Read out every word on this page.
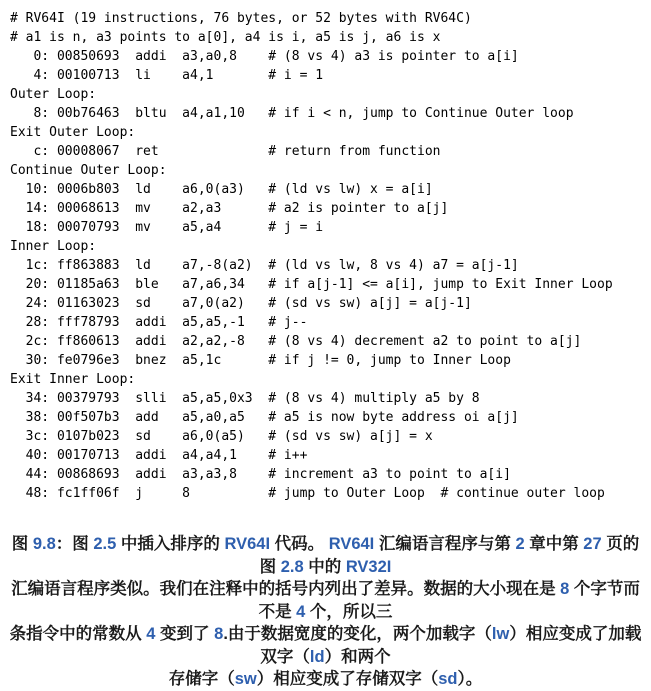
# RV64I (19 instructions, 76 bytes, or 52 bytes with RV64C)
# a1 is n, a3 points to a[0], a4 is i, a5 is j, a6 is x
0: 00850693  addi  a3,a0,8    # (8 vs 4) a3 is pointer to a[i]
4: 00100713  li    a4,1       # i = 1
Outer Loop:
8: 00b76463  bltu  a4,a1,10   # if i < n, jump to Continue Outer loop
Exit Outer Loop:
c: 00008067  ret              # return from function
Continue Outer Loop:
10: 0006b803  ld    a6,0(a3)   # (ld vs lw) x = a[i]
14: 00068613  mv    a2,a3      # a2 is pointer to a[j]
18: 00070793  mv    a5,a4      # j = i
Inner Loop:
1c: ff863883  ld    a7,-8(a2)  # (ld vs lw, 8 vs 4) a7 = a[j-1]
20: 01185a63  ble   a7,a6,34   # if a[j-1] <= a[i], jump to Exit Inner Loop
24: 01163023  sd    a7,0(a2)   # (sd vs sw) a[j] = a[j-1]
28: fff78793  addi  a5,a5,-1   # j--
2c: ff860613  addi  a2,a2,-8   # (8 vs 4) decrement a2 to point to a[j]
30: fe0796e3  bnez  a5,1c      # if j != 0, jump to Inner Loop
Exit Inner Loop:
34: 00379793  slli  a5,a5,0x3  # (8 vs 4) multiply a5 by 8
38: 00f507b3  add   a5,a0,a5   # a5 is now byte address oi a[j]
3c: 0107b023  sd    a6,0(a5)   # (sd vs sw) a[j] = x
40: 00170713  addi  a4,a4,1    # i++
44: 00868693  addi  a3,a3,8    # increment a3 to point to a[i]
48: fc1ff06f  j     8          # jump to Outer Loop  # continue outer loop
图 9.8：图 2.5 中插入排序的 RV64I 代码。 RV64I 汇编语言程序与第 2 章中第 27 页的图 2.8 中的 RV32I
汇编语言程序类似。我们在注释中的括号内列出了差异。数据的大小现在是 8 个字节而不是 4 个，所以三
条指令中的常数从 4 变到了 8.由于数据宽度的变化，两个加载字（lw）相应变成了加载双字（ld）和两个
存储字（sw）相应变成了存储双字（sd）。
